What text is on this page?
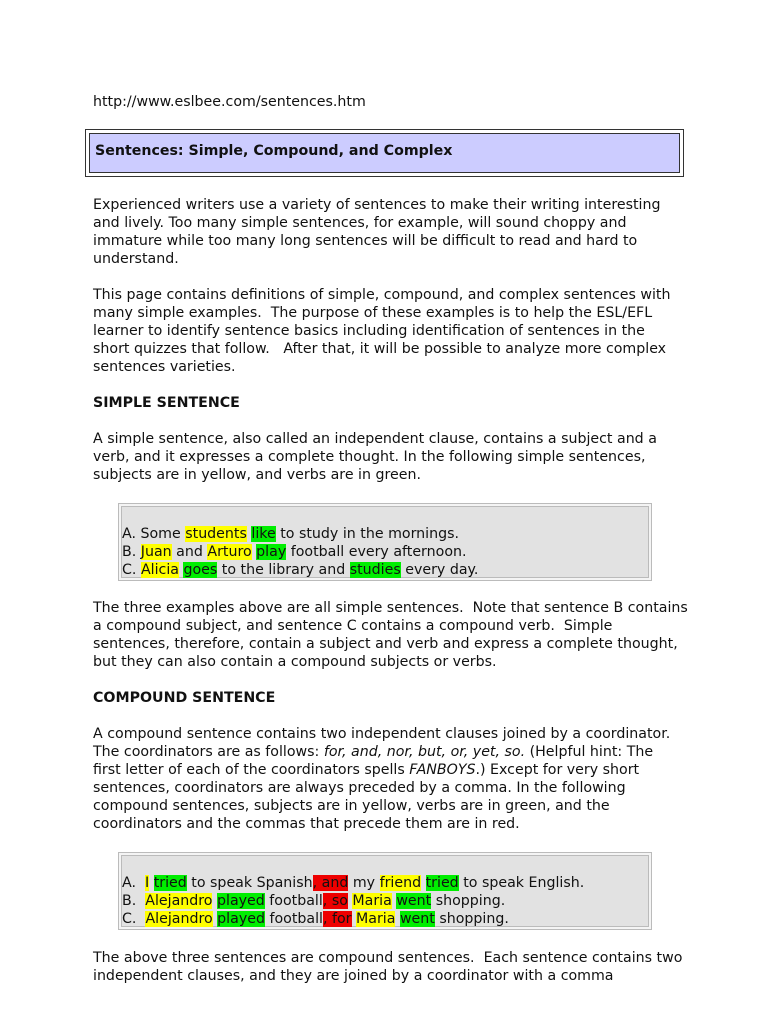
http://www.eslbee.com/sentences.htm
Sentences: Simple, Compound, and Complex
Experienced writers use a variety of sentences to make their writing interesting
and lively. Too many simple sentences, for example, will sound choppy and
immature while too many long sentences will be difficult to read and hard to
understand.
This page contains definitions of simple, compound, and complex sentences with
many simple examples.  The purpose of these examples is to help the ESL/EFL
learner to identify sentence basics including identification of sentences in the
short quizzes that follow.   After that, it will be possible to analyze more complex
sentences varieties.
SIMPLE SENTENCE
A simple sentence, also called an independent clause, contains a subject and a
verb, and it expresses a complete thought. In the following simple sentences,
subjects are in yellow, and verbs are in green.
A. Some students like to study in the mornings.
B. Juan and Arturo play football every afternoon.
C. Alicia goes to the library and studies every day.
The three examples above are all simple sentences.  Note that sentence B contains
a compound subject, and sentence C contains a compound verb.  Simple
sentences, therefore, contain a subject and verb and express a complete thought,
but they can also contain a compound subjects or verbs.
COMPOUND SENTENCE
A compound sentence contains two independent clauses joined by a coordinator.
The coordinators are as follows: for, and, nor, but, or, yet, so. (Helpful hint: The
first letter of each of the coordinators spells FANBOYS.) Except for very short
sentences, coordinators are always preceded by a comma. In the following
compound sentences, subjects are in yellow, verbs are in green, and the
coordinators and the commas that precede them are in red.
A.  I tried to speak Spanish, and my friend tried to speak English.
B.  Alejandro played football, so Maria went shopping.
C.  Alejandro played football, for Maria went shopping.
The above three sentences are compound sentences.  Each sentence contains two
independent clauses, and they are joined by a coordinator with a comma
